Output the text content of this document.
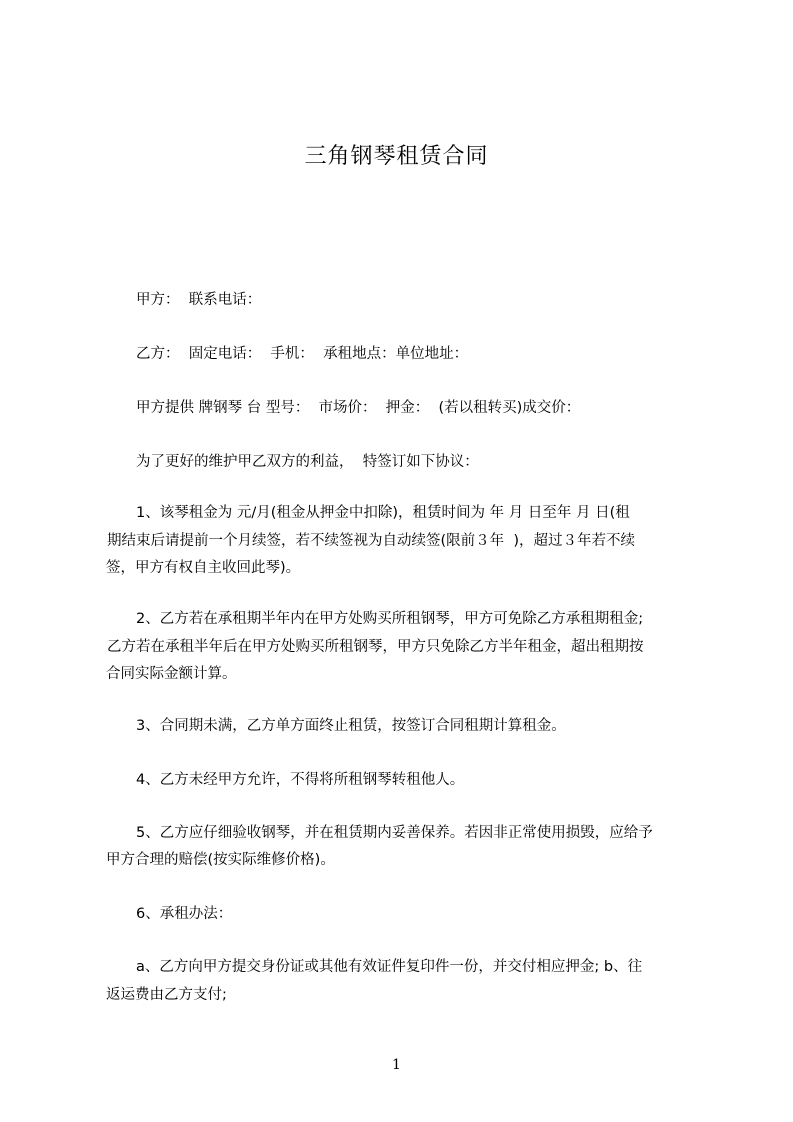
三角钢琴租赁合同
甲方：  联系电话：
乙方：  固定电话：  手机：  承租地点：单位地址：
甲方提供 牌钢琴 台 型号：  市场价：  押金：  (若以租转买)成交价：
为了更好的维护甲乙双方的利益，  特签订如下协议：
1、该琴租金为 元/月(租金从押金中扣除)，租赁时间为 年 月 日至年 月 日(租
期结束后请提前一个月续签，若不续签视为自动续签(限前３年  )，超过３年若不续
签，甲方有权自主收回此琴)。
2、乙方若在承租期半年内在甲方处购买所租钢琴，甲方可免除乙方承租期租金;
乙方若在承租半年后在甲方处购买所租钢琴，甲方只免除乙方半年租金，超出租期按
合同实际金额计算。
3、合同期未满，乙方单方面终止租赁，按签订合同租期计算租金。
4、乙方未经甲方允许，不得将所租钢琴转租他人。
5、乙方应仔细验收钢琴，并在租赁期内妥善保养。若因非正常使用损毁，应给予
甲方合理的赔偿(按实际维修价格)。
6、承租办法：
a、乙方向甲方提交身份证或其他有效证件复印件一份，并交付相应押金; b、往
返运费由乙方支付;
1
